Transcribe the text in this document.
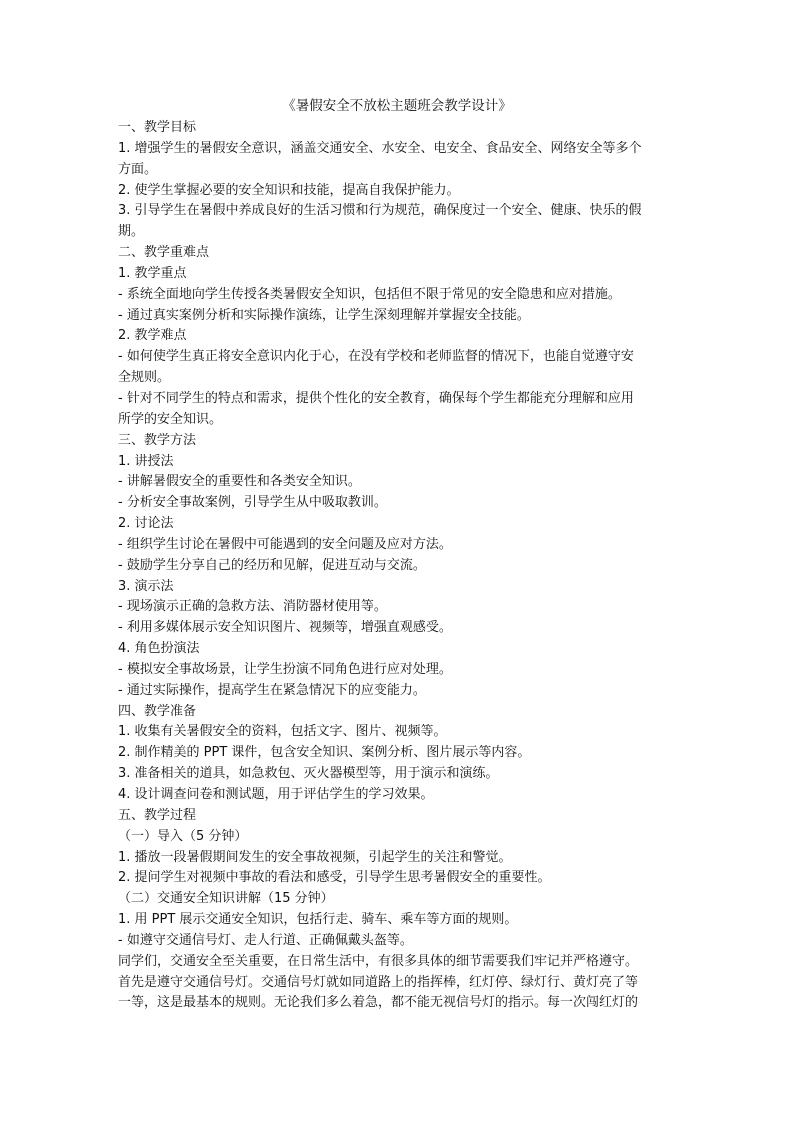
《暑假安全不放松主题班会教学设计》
一、教学目标
1. 增强学生的暑假安全意识，涵盖交通安全、水安全、电安全、食品安全、网络安全等多个
方面。
2. 使学生掌握必要的安全知识和技能，提高自我保护能力。
3. 引导学生在暑假中养成良好的生活习惯和行为规范，确保度过一个安全、健康、快乐的假
期。
二、教学重难点
1. 教学重点
- 系统全面地向学生传授各类暑假安全知识，包括但不限于常见的安全隐患和应对措施。
- 通过真实案例分析和实际操作演练，让学生深刻理解并掌握安全技能。
2. 教学难点
- 如何使学生真正将安全意识内化于心，在没有学校和老师监督的情况下，也能自觉遵守安
全规则。
- 针对不同学生的特点和需求，提供个性化的安全教育，确保每个学生都能充分理解和应用
所学的安全知识。
三、教学方法
1. 讲授法
- 讲解暑假安全的重要性和各类安全知识。
- 分析安全事故案例，引导学生从中吸取教训。
2. 讨论法
- 组织学生讨论在暑假中可能遇到的安全问题及应对方法。
- 鼓励学生分享自己的经历和见解，促进互动与交流。
3. 演示法
- 现场演示正确的急救方法、消防器材使用等。
- 利用多媒体展示安全知识图片、视频等，增强直观感受。
4. 角色扮演法
- 模拟安全事故场景，让学生扮演不同角色进行应对处理。
- 通过实际操作，提高学生在紧急情况下的应变能力。
四、教学准备
1. 收集有关暑假安全的资料，包括文字、图片、视频等。
2. 制作精美的 PPT 课件，包含安全知识、案例分析、图片展示等内容。
3. 准备相关的道具，如急救包、灭火器模型等，用于演示和演练。
4. 设计调查问卷和测试题，用于评估学生的学习效果。
五、教学过程
（一）导入（5 分钟）
1. 播放一段暑假期间发生的安全事故视频，引起学生的关注和警觉。
2. 提问学生对视频中事故的看法和感受，引导学生思考暑假安全的重要性。
（二）交通安全知识讲解（15 分钟）
1. 用 PPT 展示交通安全知识，包括行走、骑车、乘车等方面的规则。
- 如遵守交通信号灯、走人行道、正确佩戴头盔等。
同学们，交通安全至关重要，在日常生活中，有很多具体的细节需要我们牢记并严格遵守。
首先是遵守交通信号灯。交通信号灯就如同道路上的指挥棒，红灯停、绿灯行、黄灯亮了等
一等，这是最基本的规则。无论我们多么着急，都不能无视信号灯的指示。每一次闯红灯的
